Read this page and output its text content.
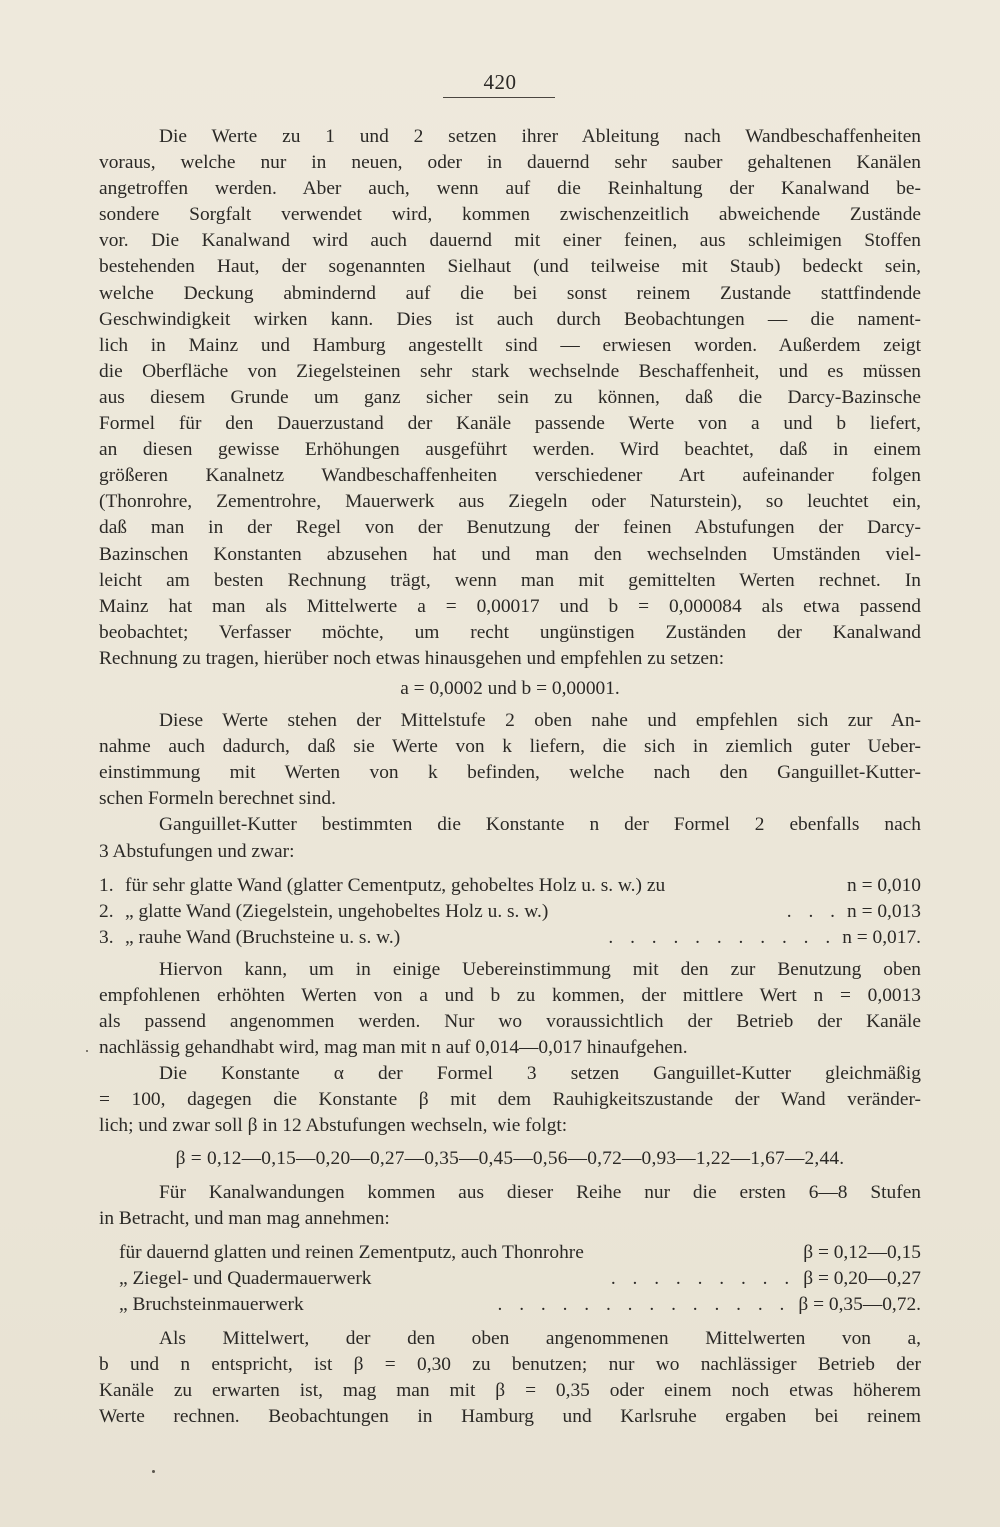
420

Die Werte zu 1 und 2 setzen ihrer Ableitung nach Wandbeschaffenheiten
voraus, welche nur in neuen, oder in dauernd sehr sauber gehaltenen Kanälen
angetroffen werden. Aber auch, wenn auf die Reinhaltung der Kanalwand be-
sondere Sorgfalt verwendet wird, kommen zwischenzeitlich abweichende Zustände
vor. Die Kanalwand wird auch dauernd mit einer feinen, aus schleimigen Stoffen
bestehenden Haut, der sogenannten Sielhaut (und teilweise mit Staub) bedeckt sein,
welche Deckung abmindernd auf die bei sonst reinem Zustande stattfindende
Geschwindigkeit wirken kann. Dies ist auch durch Beobachtungen — die nament-
lich in Mainz und Hamburg angestellt sind — erwiesen worden. Außerdem zeigt
die Oberfläche von Ziegelsteinen sehr stark wechselnde Beschaffenheit, und es müssen
aus diesem Grunde um ganz sicher sein zu können, daß die Darcy-Bazinsche
Formel für den Dauerzustand der Kanäle passende Werte von a und b liefert,
an diesen gewisse Erhöhungen ausgeführt werden. Wird beachtet, daß in einem
größeren Kanalnetz Wandbeschaffenheiten verschiedener Art aufeinander folgen
(Thonrohre, Zementrohre, Mauerwerk aus Ziegeln oder Naturstein), so leuchtet ein,
daß man in der Regel von der Benutzung der feinen Abstufungen der Darcy-
Bazinschen Konstanten abzusehen hat und man den wechselnden Umständen viel-
leicht am besten Rechnung trägt, wenn man mit gemittelten Werten rechnet. In
Mainz hat man als Mittelwerte a = 0,00017 und b = 0,000084 als etwa passend
beobachtet; Verfasser möchte, um recht ungünstigen Zuständen der Kanalwand
Rechnung zu tragen, hierüber noch etwas hinausgehen und empfehlen zu setzen:

a = 0,0002 und b = 0,00001.

Diese Werte stehen der Mittelstufe 2 oben nahe und empfehlen sich zur An-
nahme auch dadurch, daß sie Werte von k liefern, die sich in ziemlich guter Ueber-
einstimmung mit Werten von k befinden, welche nach den Ganguillet-Kutter-
schen Formeln berechnet sind.

Ganguillet-Kutter bestimmten die Konstante n der Formel 2 ebenfalls nach
3 Abstufungen und zwar:

1. für sehr glatte Wand (glatter Cementputz, gehobeltes Holz u. s. w.) zu	n = 0,010
2. „ glatte Wand (Ziegelstein, ungehobeltes Holz u. s. w.)	. . . n = 0,013
3. „ rauhe Wand (Bruchsteine u. s. w.)	. . . . . . . . . . . n = 0,017.

Hiervon kann, um in einige Uebereinstimmung mit den zur Benutzung oben
empfohlenen erhöhten Werten von a und b zu kommen, der mittlere Wert n = 0,0013
als passend angenommen werden. Nur wo voraussichtlich der Betrieb der Kanäle
nachlässig gehandhabt wird, mag man mit n auf 0,014—0,017 hinaufgehen.

Die Konstante α der Formel 3 setzen Ganguillet-Kutter gleichmäßig
= 100, dagegen die Konstante β mit dem Rauhigkeitszustande der Wand veränder-
lich; und zwar soll β in 12 Abstufungen wechseln, wie folgt:

β = 0,12—0,15—0,20—0,27—0,35—0,45—0,56—0,72—0,93—1,22—1,67—2,44.

Für Kanalwandungen kommen aus dieser Reihe nur die ersten 6—8 Stufen
in Betracht, und man mag annehmen:

für dauernd glatten und reinen Zementputz, auch Thonrohre	β = 0,12—0,15
„ Ziegel- und Quadermauerwerk	. . . . . . . . . β = 0,20—0,27
„ Bruchsteinmauerwerk	. . . . . . . . . . . . . . β = 0,35—0,72.

Als Mittelwert, der den oben angenommenen Mittelwerten von a,
b und n entspricht, ist β = 0,30 zu benutzen; nur wo nachlässiger Betrieb der
Kanäle zu erwarten ist, mag man mit β = 0,35 oder einem noch etwas höherem
Werte rechnen. Beobachtungen in Hamburg und Karlsruhe ergaben bei reinem
